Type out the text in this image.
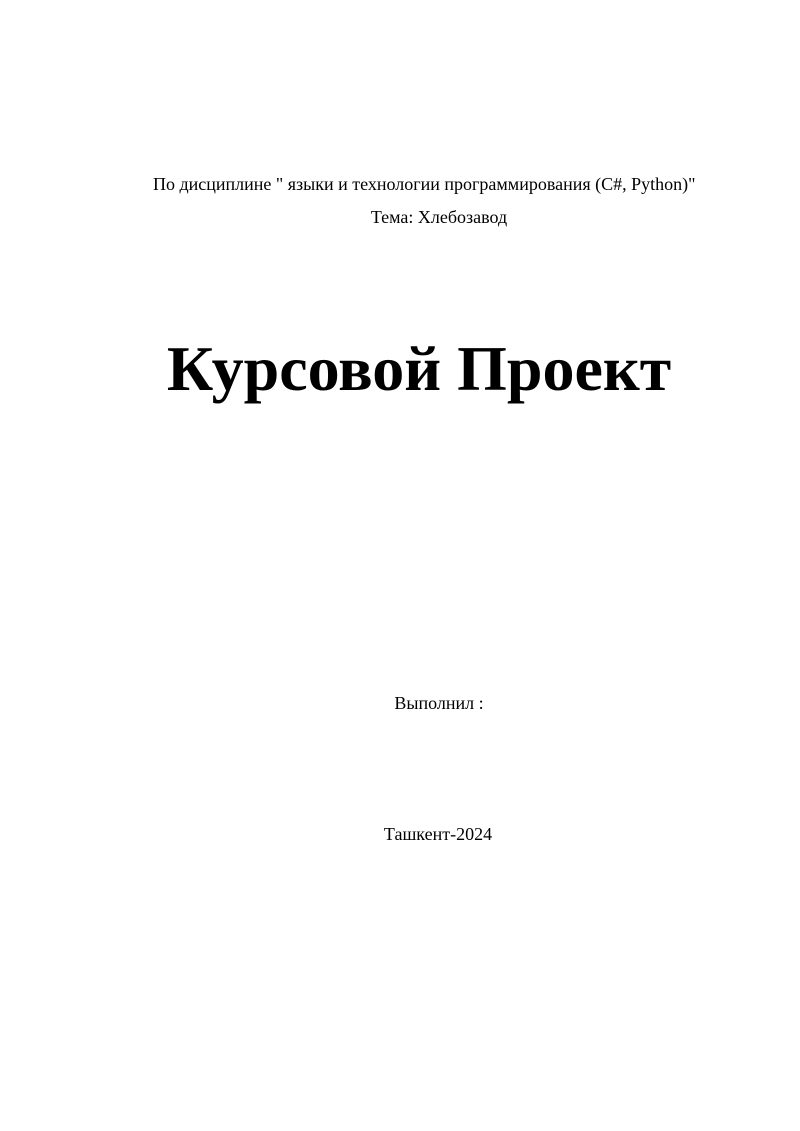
По дисциплине " языки и технологии программирования (C#, Python)"
Тема: Хлебозавод
Курсовой Проект
Выполнил :
Ташкент-2024
